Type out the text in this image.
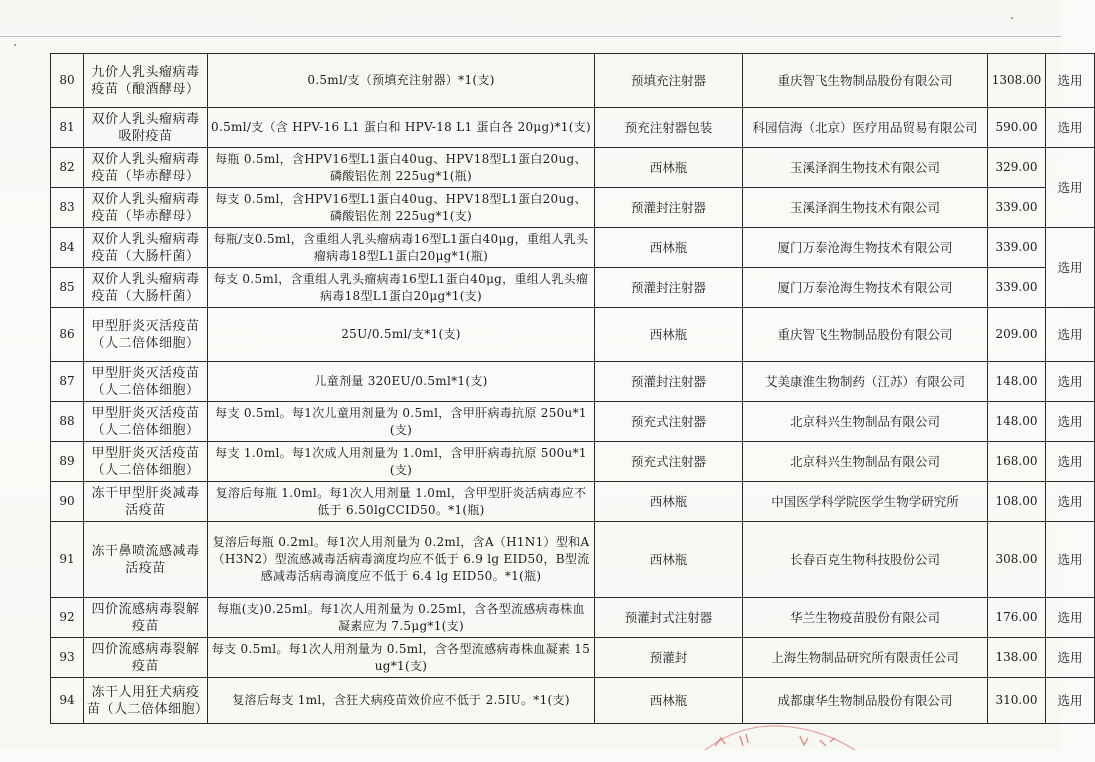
80	九价人乳头瘤病毒疫苗（酿酒酵母）	0.5ml/支（预填充注射器）*1(支)	预填充注射器	重庆智飞生物制品股份有限公司	1308.00	选用
81	双价人乳头瘤病毒吸附疫苗	0.5ml/支（含 HPV-16 L1 蛋白和 HPV-18 L1 蛋白各 20μg)*1(支)	预充注射器包装	科园信海（北京）医疗用品贸易有限公司	590.00	选用
82	双价人乳头瘤病毒疫苗（毕赤酵母）	每瓶 0.5ml，含HPV16型L1蛋白40ug、HPV18型L1蛋白20ug、磷酸铝佐剂 225ug*1(瓶)	西林瓶	玉溪泽润生物技术有限公司	329.00	选用
83	双价人乳头瘤病毒疫苗（毕赤酵母）	每支 0.5ml，含HPV16型L1蛋白40ug、HPV18型L1蛋白20ug、磷酸铝佐剂 225ug*1(支)	预灌封注射器	玉溪泽润生物技术有限公司	339.00	
84	双价人乳头瘤病毒疫苗（大肠杆菌）	每瓶/支0.5ml，含重组人乳头瘤病毒16型L1蛋白40μg，重组人乳头瘤病毒18型L1蛋白20μg*1(瓶)	西林瓶	厦门万泰沧海生物技术有限公司	339.00	选用
85	双价人乳头瘤病毒疫苗（大肠杆菌）	每支 0.5ml，含重组人乳头瘤病毒16型L1蛋白40μg，重组人乳头瘤病毒18型L1蛋白20μg*1(支)	预灌封注射器	厦门万泰沧海生物技术有限公司	339.00	
86	甲型肝炎灭活疫苗（人二倍体细胞）	25U/0.5ml/支*1(支)	西林瓶	重庆智飞生物制品股份有限公司	209.00	选用
87	甲型肝炎灭活疫苗（人二倍体细胞）	儿童剂量 320EU/0.5ml*1(支)	预灌封注射器	艾美康淮生物制药（江苏）有限公司	148.00	选用
88	甲型肝炎灭活疫苗（人二倍体细胞）	每支 0.5ml。每1次儿童用剂量为 0.5ml，含甲肝病毒抗原 250u*1(支)	预充式注射器	北京科兴生物制品有限公司	148.00	选用
89	甲型肝炎灭活疫苗（人二倍体细胞）	每支 1.0ml。每1次成人用剂量为 1.0ml，含甲肝病毒抗原 500u*1(支)	预充式注射器	北京科兴生物制品有限公司	168.00	选用
90	冻干甲型肝炎减毒活疫苗	复溶后每瓶 1.0ml。每1次人用剂量 1.0ml，含甲型肝炎活病毒应不低于 6.50lgCCID50。*1(瓶)	西林瓶	中国医学科学院医学生物学研究所	108.00	选用
91	冻干鼻喷流感减毒活疫苗	复溶后每瓶 0.2ml。每1次人用剂量为 0.2ml，含A（H1N1）型和A（H3N2）型流感减毒活病毒滴度均应不低于 6.9 lg EID50，B型流感减毒活病毒滴度应不低于 6.4 lg EID50。*1(瓶)	西林瓶	长春百克生物科技股份公司	308.00	选用
92	四价流感病毒裂解疫苗	每瓶(支)0.25ml。每1次人用剂量为 0.25ml，含各型流感病毒株血凝素应为 7.5μg*1(支)	预灌封式注射器	华兰生物疫苗股份有限公司	176.00	选用
93	四价流感病毒裂解疫苗	每支 0.5ml。每1次人用剂量为 0.5ml，含各型流感病毒株血凝素 15ug*1(支)	预灌封	上海生物制品研究所有限责任公司	138.00	选用
94	冻干人用狂犬病疫苗（人二倍体细胞）	复溶后每支 1ml，含狂犬病疫苗效价应不低于 2.5IU。*1(支)	西林瓶	成都康华生物制品股份有限公司	310.00	选用
